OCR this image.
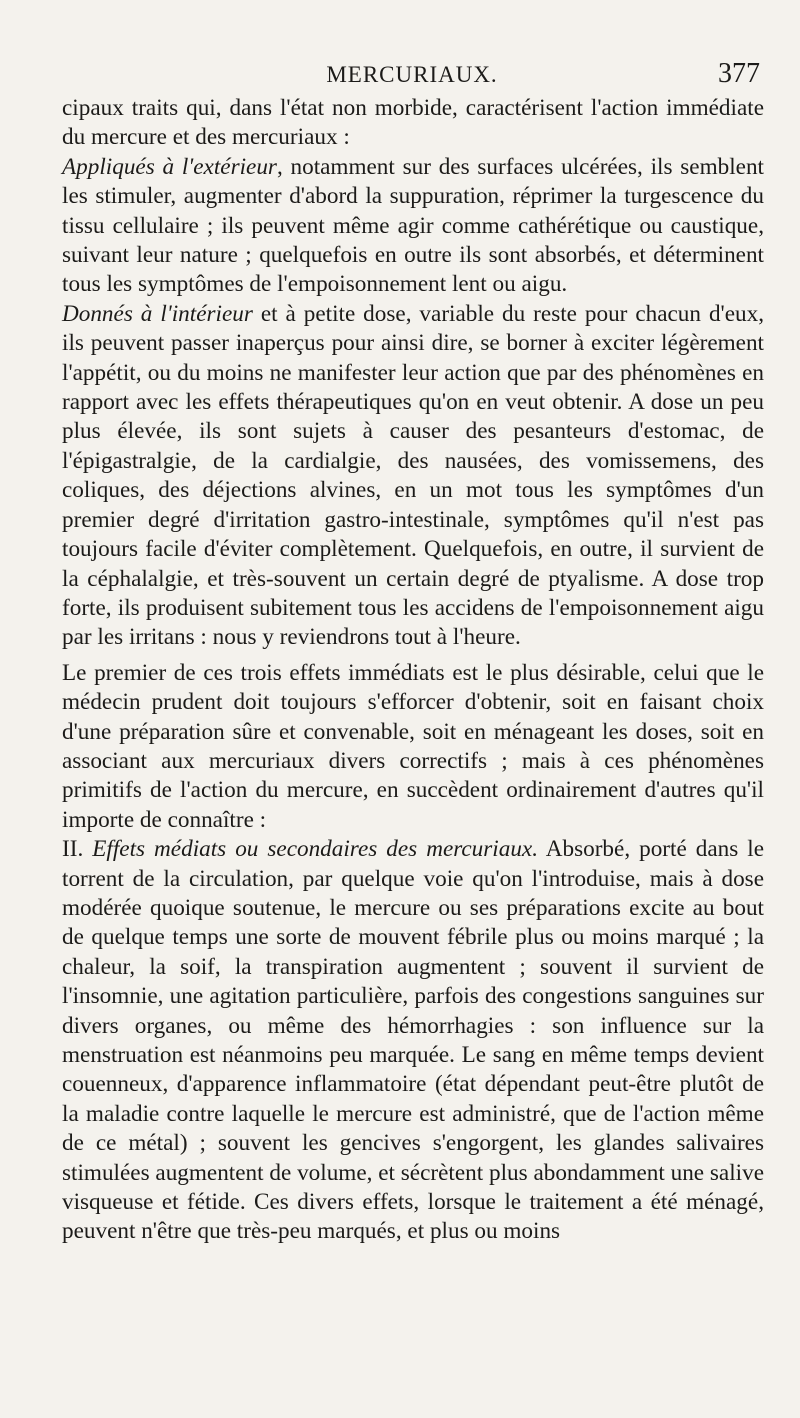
MERCURIAUX.	377

cipaux traits qui, dans l'état non morbide, caractérisent l'action immédiate du mercure et des mercuriaux :

Appliqués à l'extérieur, notamment sur des surfaces ulcérées, ils semblent les stimuler, augmenter d'abord la suppuration, réprimer la turgescence du tissu cellulaire ; ils peuvent même agir comme cathérétique ou caustique, suivant leur nature ; quelquefois en outre ils sont absorbés, et déterminent tous les symptômes de l'empoisonnement lent ou aigu.

Donnés à l'intérieur et à petite dose, variable du reste pour chacun d'eux, ils peuvent passer inaperçus pour ainsi dire, se borner à exciter légèrement l'appétit, ou du moins ne manifester leur action que par des phénomènes en rapport avec les effets thérapeutiques qu'on en veut obtenir. A dose un peu plus élevée, ils sont sujets à causer des pesanteurs d'estomac, de l'épigastralgie, de la cardialgie, des nausées, des vomissemens, des coliques, des déjections alvines, en un mot tous les symptômes d'un premier degré d'irritation gastro-intestinale, symptômes qu'il n'est pas toujours facile d'éviter complètement. Quelquefois, en outre, il survient de la céphalalgie, et très-souvent un certain degré de ptyalisme. A dose trop forte, ils produisent subitement tous les accidens de l'empoisonnement aigu par les irritans : nous y reviendrons tout à l'heure.

Le premier de ces trois effets immédiats est le plus désirable, celui que le médecin prudent doit toujours s'efforcer d'obtenir, soit en faisant choix d'une préparation sûre et convenable, soit en ménageant les doses, soit en associant aux mercuriaux divers correctifs ; mais à ces phénomènes primitifs de l'action du mercure, en succèdent ordinairement d'autres qu'il importe de connaître :

II. Effets médiats ou secondaires des mercuriaux. Absorbé, porté dans le torrent de la circulation, par quelque voie qu'on l'introduise, mais à dose modérée quoique soutenue, le mercure ou ses préparations excite au bout de quelque temps une sorte de mouvent fébrile plus ou moins marqué ; la chaleur, la soif, la transpiration augmentent ; souvent il survient de l'insomnie, une agitation particulière, parfois des congestions sanguines sur divers organes, ou même des hémorrhagies : son influence sur la menstruation est néanmoins peu marquée. Le sang en même temps devient couenneux, d'apparence inflammatoire (état dépendant peut-être plutôt de la maladie contre laquelle le mercure est administré, que de l'action même de ce métal) ; souvent les gencives s'engorgent, les glandes salivaires stimulées augmentent de volume, et sécrètent plus abondamment une salive visqueuse et fétide. Ces divers effets, lorsque le traitement a été ménagé, peuvent n'être que très-peu marqués, et plus ou moins
